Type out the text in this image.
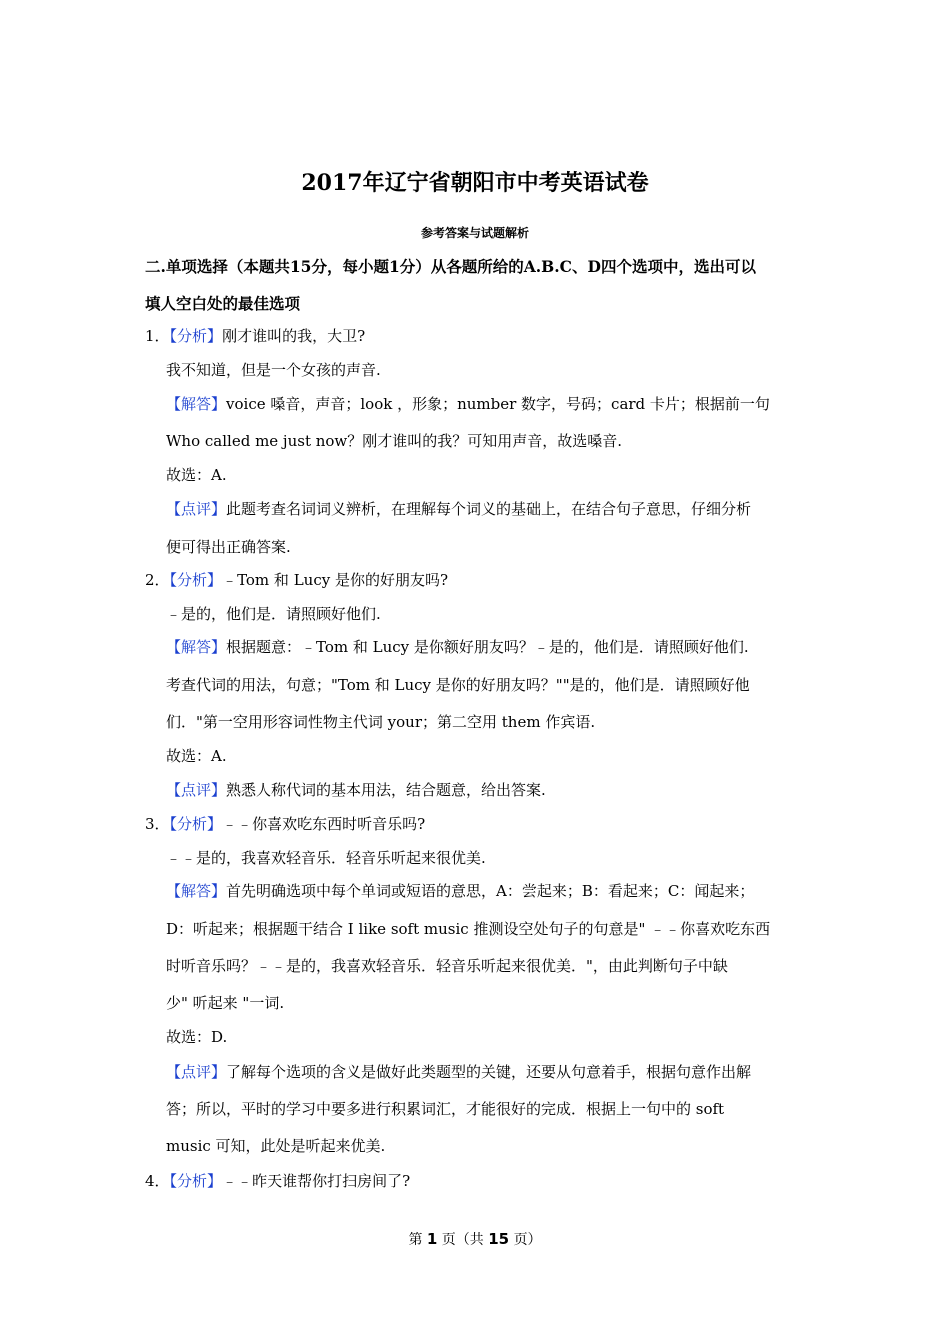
2017年辽宁省朝阳市中考英语试卷
参考答案与试题解析
二.单项选择（本题共15分，每小题1分）从各题所给的A.B.C、D四个选项中，选出可以
填人空白处的最佳选项
1．【分析】刚才谁叫的我，大卫?
我不知道，但是一个女孩的声音.
【解答】voice 嗓音，声音；look ，形象；number 数字，号码；card 卡片；根据前一句
Who called me just now？刚才谁叫的我？可知用声音，故选嗓音.
故选：A.
【点评】此题考查名词词义辨析，在理解每个词义的基础上，在结合句子意思，仔细分析
便可得出正确答案.
2．【分析】﹣Tom 和 Lucy 是你的好朋友吗?
﹣是的，他们是．请照顾好他们.
【解答】根据题意：﹣Tom 和 Lucy 是你额好朋友吗？﹣是的，他们是．请照顾好他们.
考查代词的用法，句意；"Tom 和 Lucy 是你的好朋友吗？""是的，他们是．请照顾好他
们．"第一空用形容词性物主代词 your；第二空用 them 作宾语.
故选：A.
【点评】熟悉人称代词的基本用法，结合题意，给出答案.
3．【分析】﹣﹣你喜欢吃东西时听音乐吗?
﹣﹣是的，我喜欢轻音乐．轻音乐听起来很优美.
【解答】首先明确选项中每个单词或短语的意思，A：尝起来；B：看起来；C：闻起来；
D：听起来；根据题干结合 I like soft music 推测设空处句子的句意是" ﹣﹣你喜欢吃东西
时听音乐吗？﹣﹣是的，我喜欢轻音乐．轻音乐听起来很优美．"，由此判断句子中缺
少" 听起来 "一词.
故选：D.
【点评】了解每个选项的含义是做好此类题型的关键，还要从句意着手，根据句意作出解
答；所以，平时的学习中要多进行积累词汇，才能很好的完成．根据上一句中的 soft
music 可知，此处是听起来优美.
4．【分析】﹣﹣昨天谁帮你打扫房间了?
第 1 页（共 15 页）
